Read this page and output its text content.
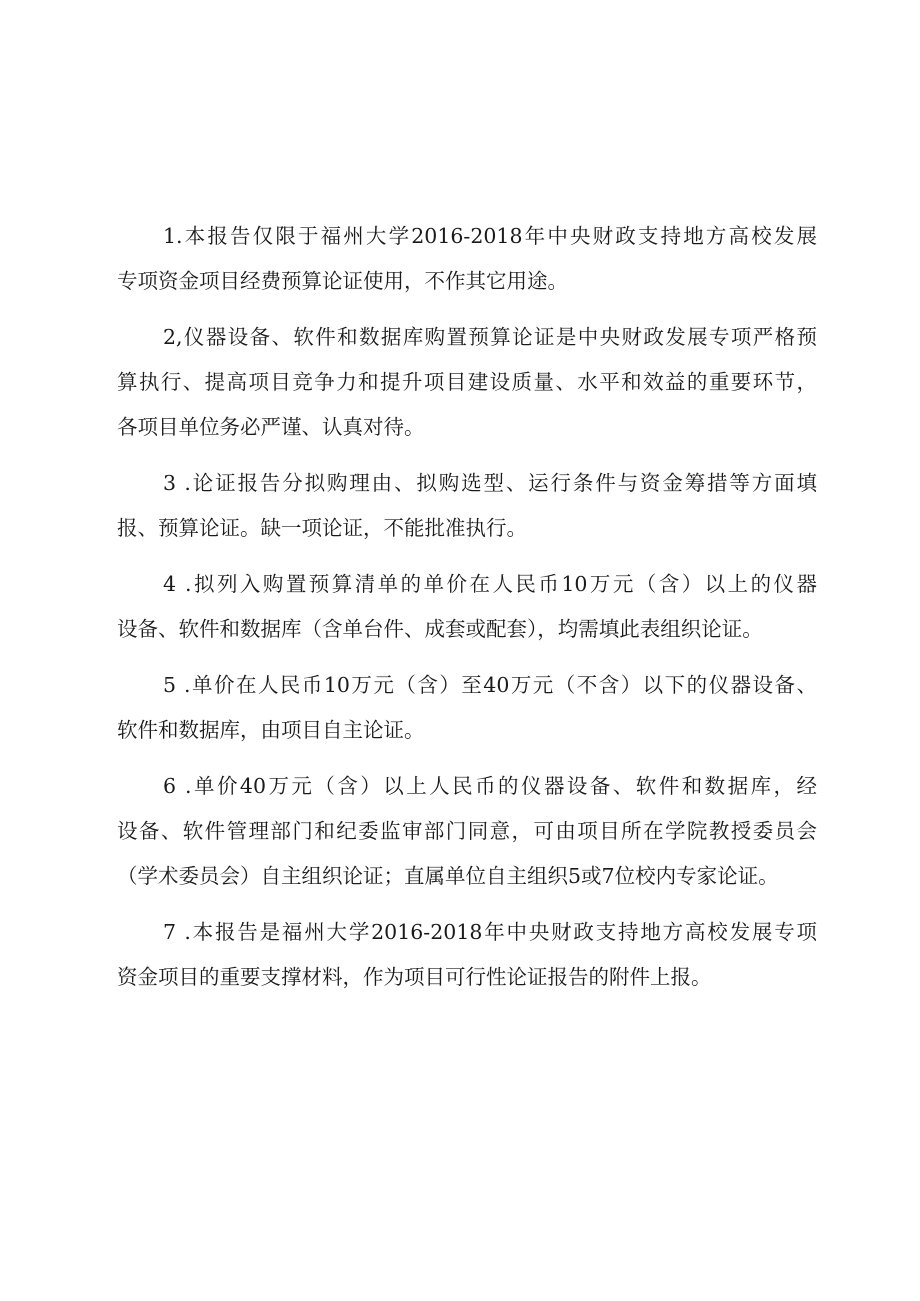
1.本报告仅限于福州大学2016-2018年中央财政支持地方高校发展
专项资金项目经费预算论证使用，不作其它用途。
2,仪器设备、软件和数据库购置预算论证是中央财政发展专项严格预
算执行、提高项目竞争力和提升项目建设质量、水平和效益的重要环节，
各项目单位务必严谨、认真对待。
3 .论证报告分拟购理由、拟购选型、运行条件与资金筹措等方面填
报、预算论证。缺一项论证，不能批准执行。
4 .拟列入购置预算清单的单价在人民币10万元（含）以上的仪器
设备、软件和数据库（含单台件、成套或配套），均需填此表组织论证。
5 .单价在人民币10万元（含）至40万元（不含）以下的仪器设备、
软件和数据库，由项目自主论证。
6 .单价40万元（含）以上人民币的仪器设备、软件和数据库，经
设备、软件管理部门和纪委监审部门同意，可由项目所在学院教授委员会
（学术委员会）自主组织论证；直属单位自主组织5或7位校内专家论证。
7 .本报告是福州大学2016-2018年中央财政支持地方高校发展专项
资金项目的重要支撑材料，作为项目可行性论证报告的附件上报。
